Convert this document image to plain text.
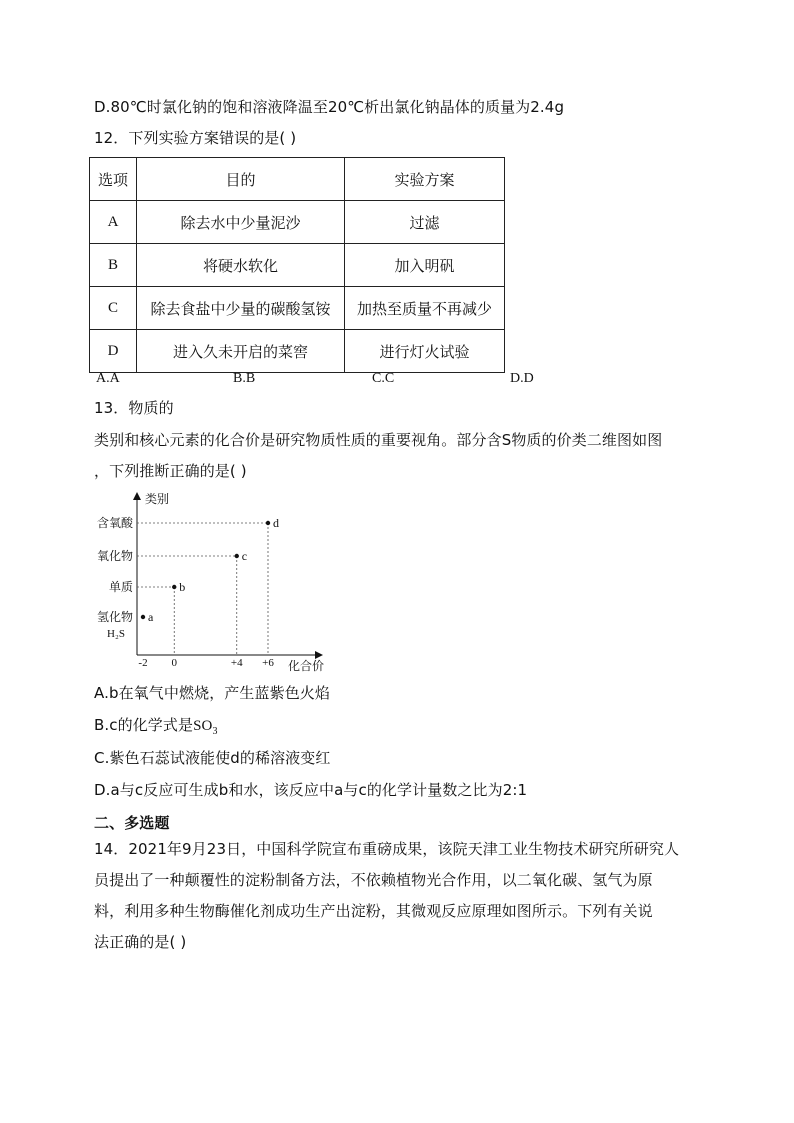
D.80℃时氯化钠的饱和溶液降温至20℃析出氯化钠晶体的质量为2.4g
12．下列实验方案错误的是( )
选项	目的	实验方案
A	除去水中少量泥沙	过滤
B	将硬水软化	加入明矾
C	除去食盐中少量的碳酸氢铵	加热至质量不再减少
D	进入久未开启的菜窖	进行灯火试验
A.A	B.B	C.C	D.D
13．物质的
类别和核心元素的化合价是研究物质性质的重要视角。部分含S物质的价类二维图如图
，下列推断正确的是( )
化合价
类别
-2 0	+4 +6
氢化物
单质
氧化物
含氧酸
H₂S
a
b
c
d
A.b在氧气中燃烧，产生蓝紫色火焰
B.c的化学式是$SO_3$
C.紫色石蕊试液能使d的稀溶液变红
D.a与c反应可生成b和水，该反应中a与c的化学计量数之比为2:1
二、多选题
14．2021年9月23日，中国科学院宣布重磅成果，该院天津工业生物技术研究所研究人
员提出了一种颠覆性的淀粉制备方法，不依赖植物光合作用，以二氧化碳、氢气为原
料，利用多种生物酶催化剂成功生产出淀粉，其微观反应原理如图所示。下列有关说
法正确的是( )
